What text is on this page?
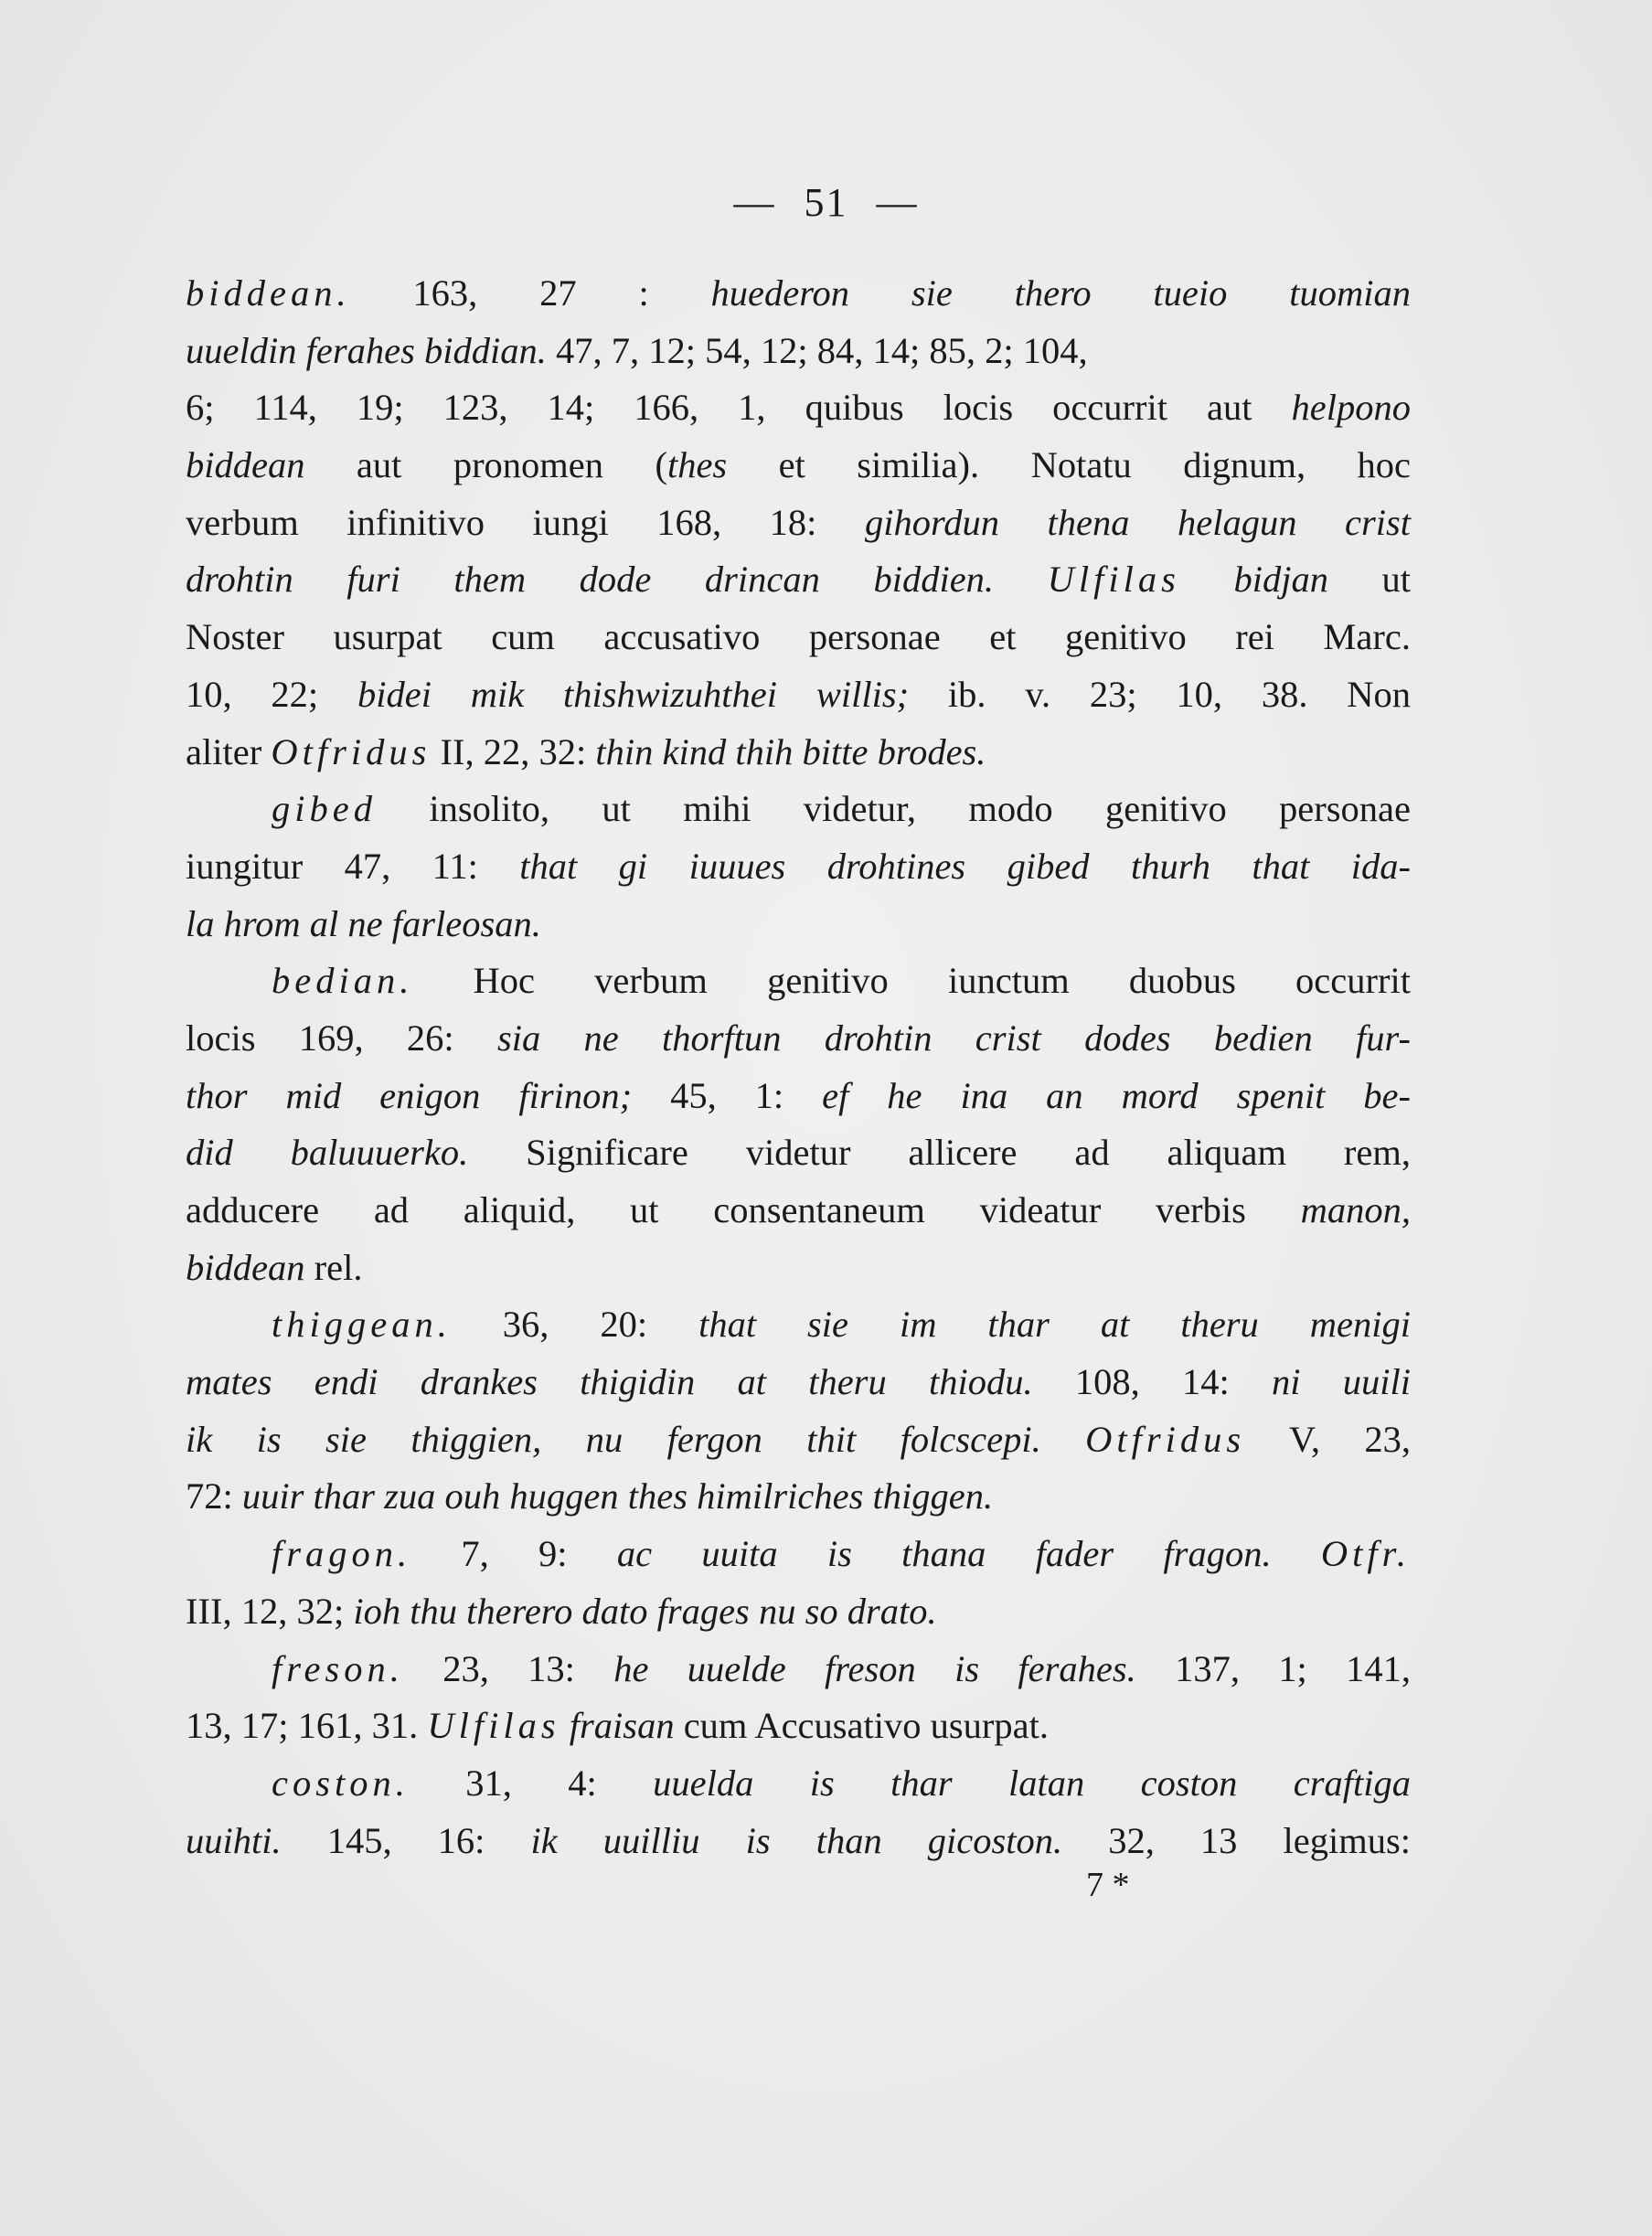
— 51 —
biddean. 163, 27 : huederon sie thero tueio tuomian
uueldin ferahes biddian. 47, 7, 12; 54, 12; 84, 14; 85, 2; 104,
6; 114, 19; 123, 14; 166, 1, quibus locis occurrit aut helpono
biddean aut pronomen (thes et similia). Notatu dignum, hoc
verbum infinitivo iungi 168, 18: gihordun thena helagun crist
drohtin furi them dode drincan biddien. Ulfilas bidjan ut
Noster usurpat cum accusativo personae et genitivo rei Marc.
10, 22; bidei mik thishwizuhthei willis; ib. v. 23; 10, 38. Non
aliter Otfridus II, 22, 32: thin kind thih bitte brodes.
gibed insolito, ut mihi videtur, modo genitivo personae
iungitur 47, 11: that gi iuuues drohtines gibed thurh that ida-
la hrom al ne farleosan.
bedian. Hoc verbum genitivo iunctum duobus occurrit
locis 169, 26: sia ne thorftun drohtin crist dodes bedien fur-
thor mid enigon firinon; 45, 1: ef he ina an mord spenit be-
did baluuuerko. Significare videtur allicere ad aliquam rem,
adducere ad aliquid, ut consentaneum videatur verbis manon,
biddean rel.
thiggean. 36, 20: that sie im thar at theru menigi
mates endi drankes thigidin at theru thiodu. 108, 14: ni uuili
ik is sie thiggien, nu fergon thit folcscepi. Otfridus V, 23,
72: uuir thar zua ouh huggen thes himilriches thiggen.
fragon. 7, 9: ac uuita is thana fader fragon. Otfr.
III, 12, 32; ioh thu therero dato frages nu so drato.
freson. 23, 13: he uuelde freson is ferahes. 137, 1; 141,
13, 17; 161, 31. Ulfilas fraisan cum Accusativo usurpat.
coston. 31, 4: uuelda is thar latan coston craftiga
uuihti. 145, 16: ik uuilliu is than gicoston. 32, 13 legimus:
7 *
